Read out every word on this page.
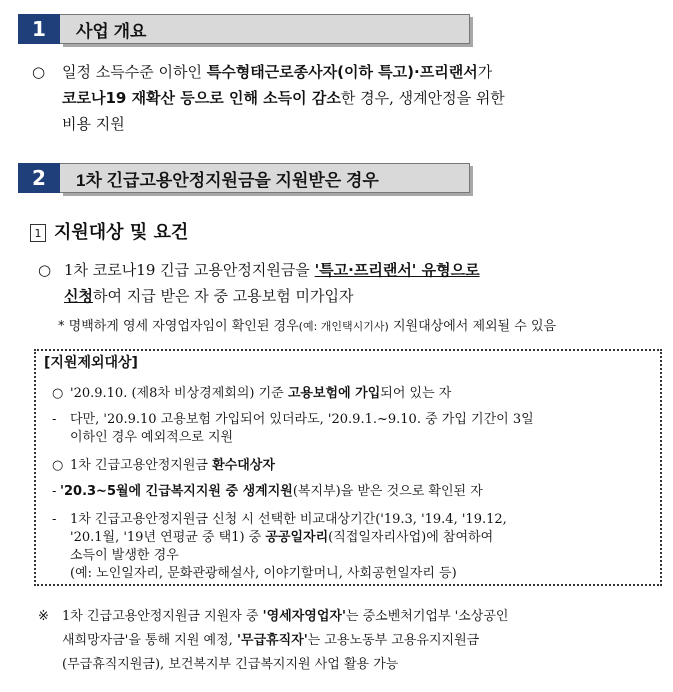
1	사업 개요
○ 일정 소득수준 이하인 특수형태근로종사자(이하 특고)·프리랜서가
코로나19 재확산 등으로 인해 소득이 감소한 경우, 생계안정을 위한
비용 지원
2	1차 긴급고용안정지원금을 지원받은 경우
1 지원대상 및 요건
○ 1차 코로나19 긴급 고용안정지원금을 '특고·프리랜서' 유형으로
신청하여 지급 받은 자 중 고용보험 미가입자
* 명백하게 영세 자영업자임이 확인된 경우(예: 개인택시기사) 지원대상에서 제외될 수 있음
[지원제외대상]
○ '20.9.10. (제8차 비상경제회의) 기준 고용보험에 가입되어 있는 자
- 다만, '20.9.10 고용보험 가입되어 있더라도, '20.9.1.~9.10. 중 가입 기간이 3일
이하인 경우 예외적으로 지원
○ 1차 긴급고용안정지원금 환수대상자
- '20.3~5월에 긴급복지지원 중 생계지원(복지부)을 받은 것으로 확인된 자
- 1차 긴급고용안정지원금 신청 시 선택한 비교대상기간('19.3, '19.4, '19.12,
'20.1월, '19년 연평균 중 택1) 중 공공일자리(직접일자리사업)에 참여하여
소득이 발생한 경우
(예: 노인일자리, 문화관광해설사, 이야기할머니, 사회공헌일자리 등)
※ 1차 긴급고용안정지원금 지원자 중 '영세자영업자'는 중소벤처기업부 '소상공인
새희망자금'을 통해 지원 예정, '무급휴직자'는 고용노동부 고용유지지원금
(무급휴직지원금), 보건복지부 긴급복지지원 사업 활용 가능
